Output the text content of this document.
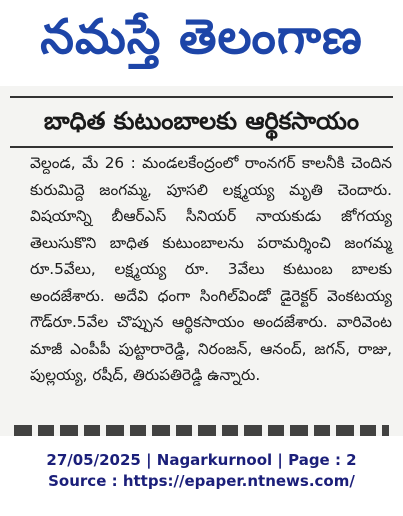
నమస్తే తెలంగాణ
బాధిత కుటుంబాలకు ఆర్థికసాయం

వెల్దండ, మే 26 : మండలకేంద్రంలో రాంనగర్ కాలనీకి చెందిన కురుమిద్దె జంగమ్మ, పూసలి లక్ష్మయ్య మృతి చెందారు. విషయాన్ని బీఆర్ఎస్ సీనియర్ నాయకుడు జోగయ్య తెలుసుకొని బాధిత కుటుంబాలను పరామర్శించి జంగమ్మ రూ.5వేలు, లక్ష్మయ్య రూ. 3వేలు కుటుంబ బాలకు అందజేశారు. అదేవి ధంగా సింగిల్‌విండో డైరెక్టర్ వెంకటయ్య గౌడ్‌రూ.5వేల చొప్పున ఆర్థికసాయం అందజేశారు. వారివెంట మాజీ ఎంపీపీ పుట్టారారెడ్డి, నిరంజన్, ఆనంద్, జగన్, రాజు, పుల్లయ్య, రషీద్, తిరుపతిరెడ్డి ఉన్నారు.

27/05/2025 | Nagarkurnool | Page : 2
Source : https://epaper.ntnews.com/
